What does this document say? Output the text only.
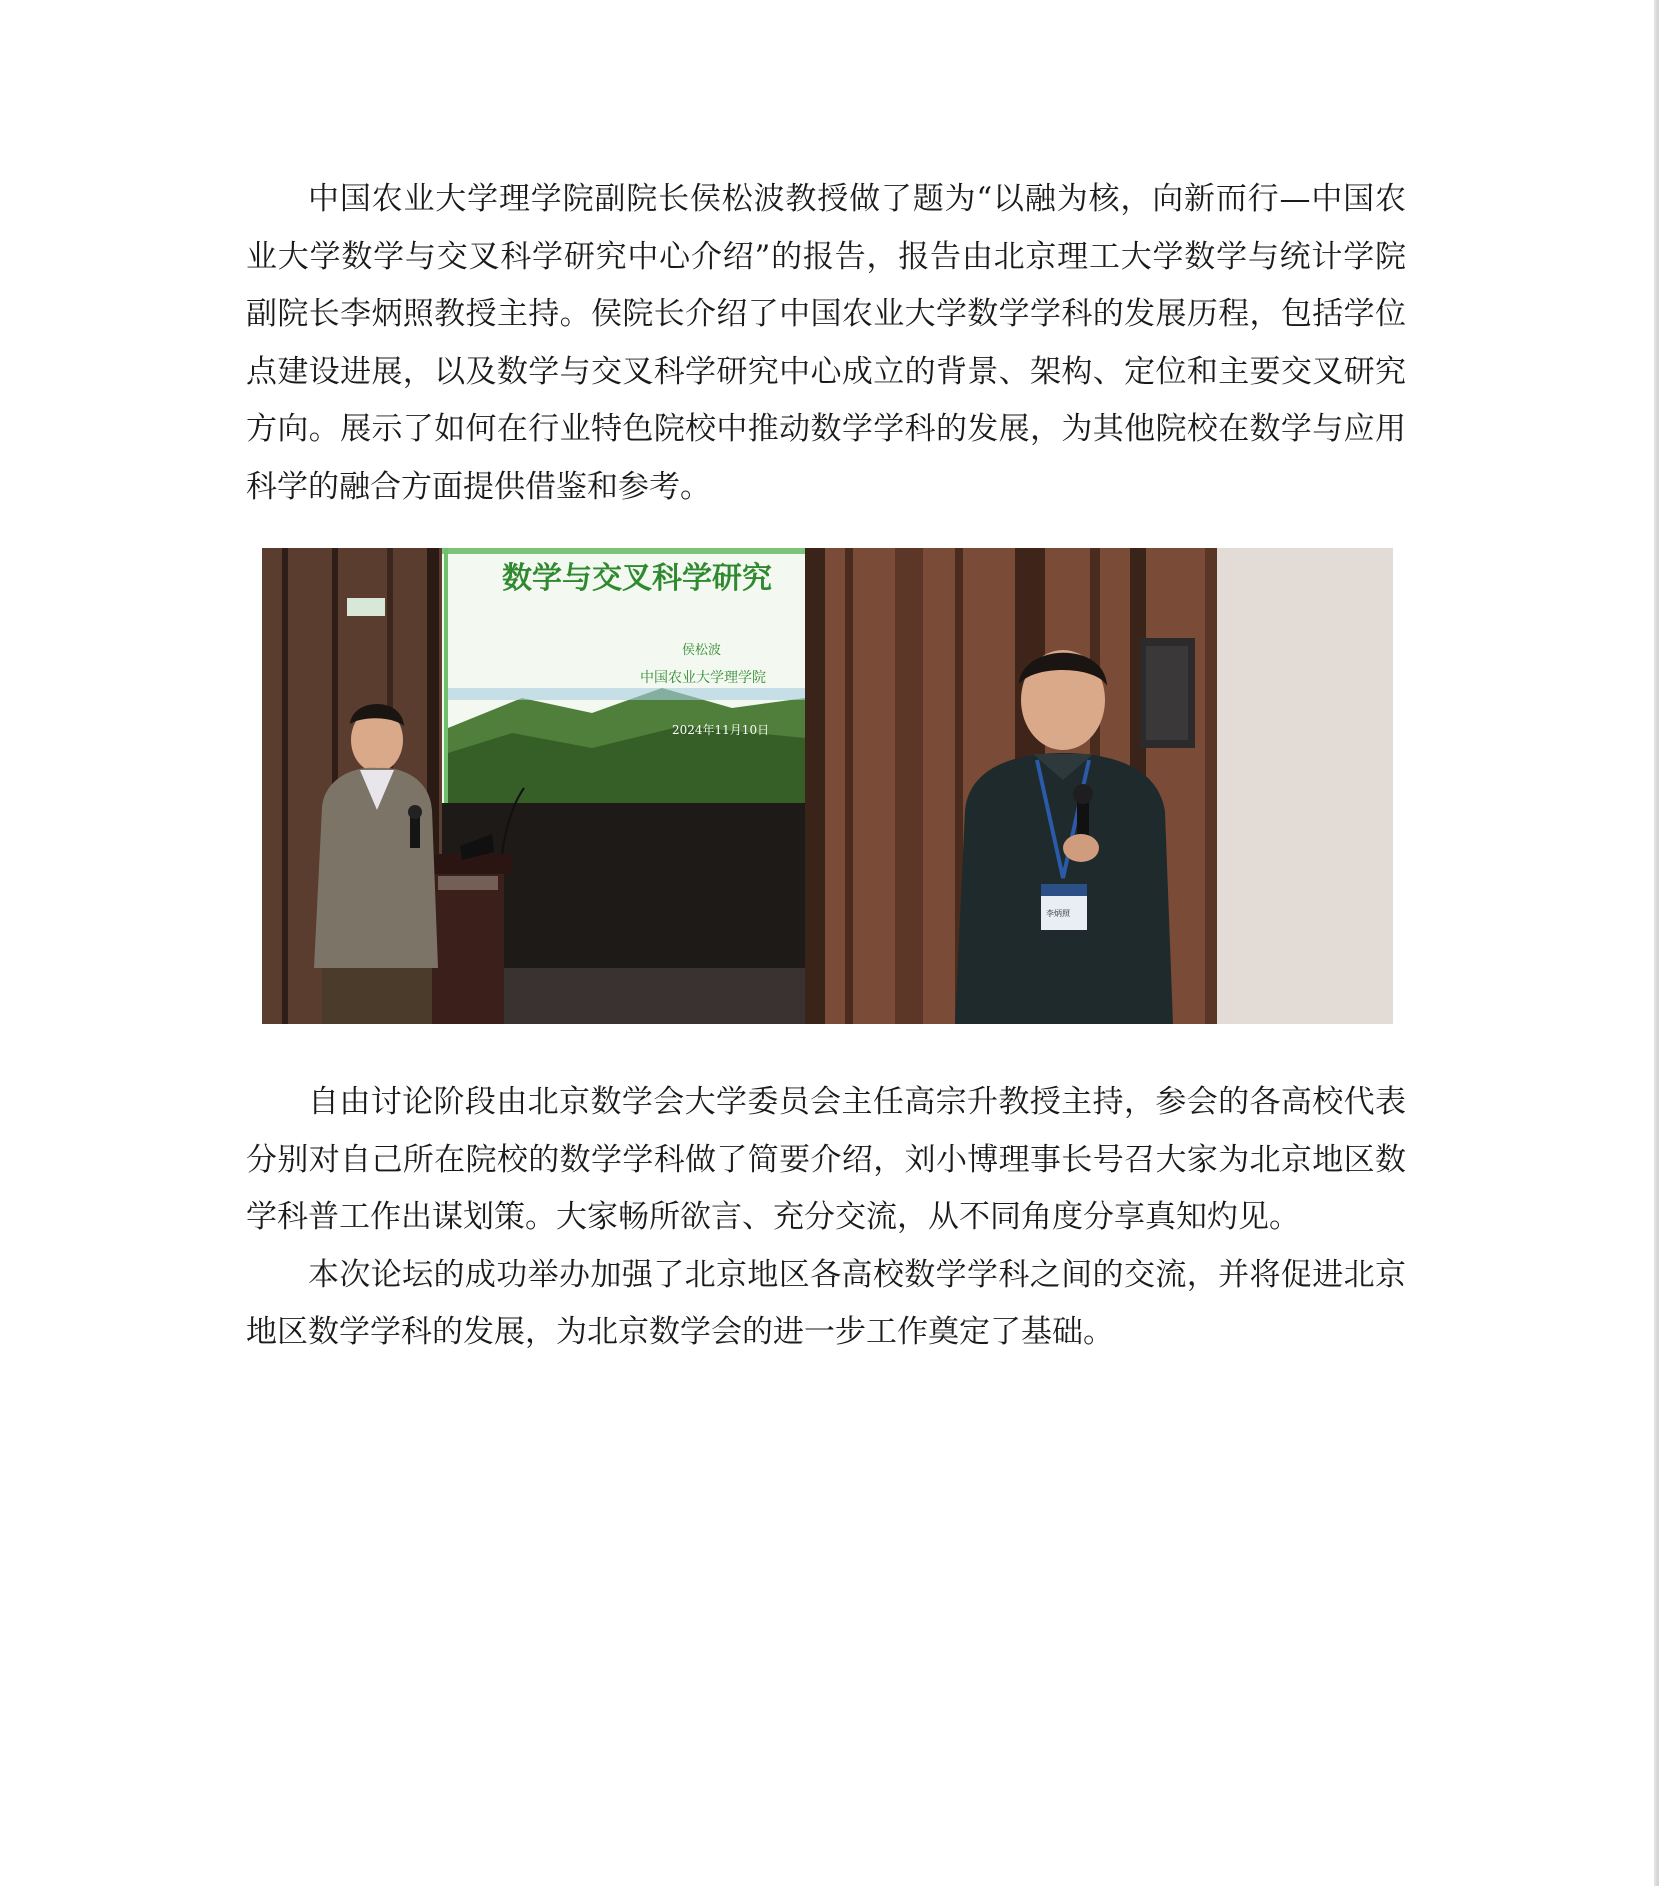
中国农业大学理学院副院长侯松波教授做了题为“以融为核，向新而行—中国农业大学数学与交叉科学研究中心介绍”的报告，报告由北京理工大学数学与统计学院副院长李炳照教授主持。侯院长介绍了中国农业大学数学学科的发展历程，包括学位点建设进展，以及数学与交叉科学研究中心成立的背景、架构、定位和主要交叉研究方向。展示了如何在行业特色院校中推动数学学科的发展，为其他院校在数学与应用科学的融合方面提供借鉴和参考。

数学与交叉科学研究
侯松波
中国农业大学理学院
2024年11月10日
李炳照

自由讨论阶段由北京数学会大学委员会主任高宗升教授主持，参会的各高校代表分别对自己所在院校的数学学科做了简要介绍，刘小博理事长号召大家为北京地区数学科普工作出谋划策。大家畅所欲言、充分交流，从不同角度分享真知灼见。

本次论坛的成功举办加强了北京地区各高校数学学科之间的交流，并将促进北京地区数学学科的发展，为北京数学会的进一步工作奠定了基础。
